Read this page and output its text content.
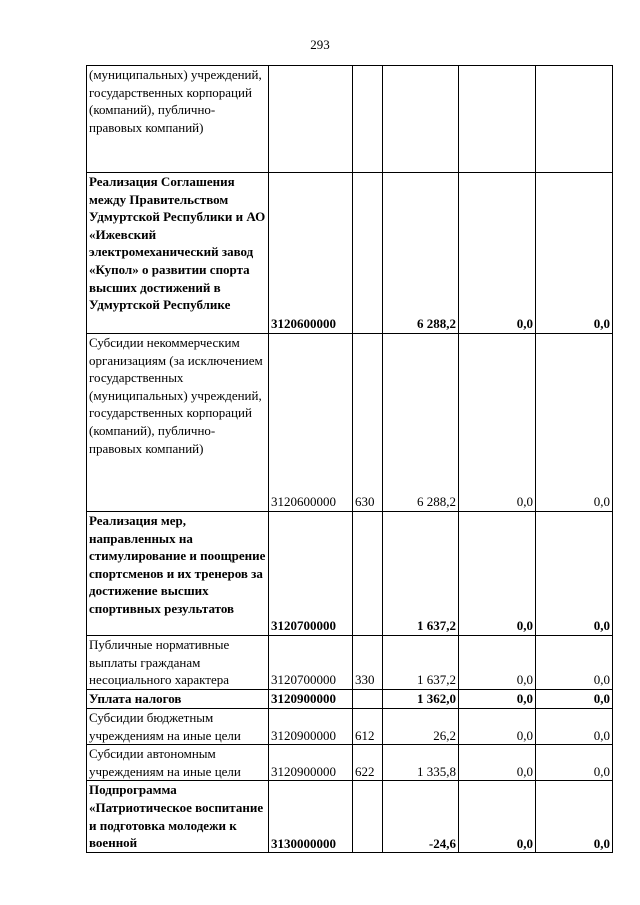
293
(муниципальных) учреждений, государственных корпораций (компаний), публично-правовых компаний)					
Реализация Соглашения между Правительством Удмуртской Республики и АО «Ижевский электромеханический завод «Купол» о развитии спорта высших достижений в Удмуртской Республике	3120600000		6 288,2	0,0	0,0
Субсидии некоммерческим организациям (за исключением государственных (муниципальных) учреждений, государственных корпораций (компаний), публично-правовых компаний)	3120600000	630	6 288,2	0,0	0,0
Реализация мер, направленных на стимулирование и поощрение спортсменов и их тренеров за достижение высших спортивных результатов	3120700000		1 637,2	0,0	0,0
Публичные нормативные выплаты гражданам несоциального характера	3120700000	330	1 637,2	0,0	0,0
Уплата налогов	3120900000		1 362,0	0,0	0,0
Субсидии бюджетным учреждениям на иные цели	3120900000	612	26,2	0,0	0,0
Субсидии автономным учреждениям на иные цели	3120900000	622	1 335,8	0,0	0,0
Подпрограмма «Патриотическое воспитание и подготовка молодежи к военной	3130000000		-24,6	0,0	0,0
